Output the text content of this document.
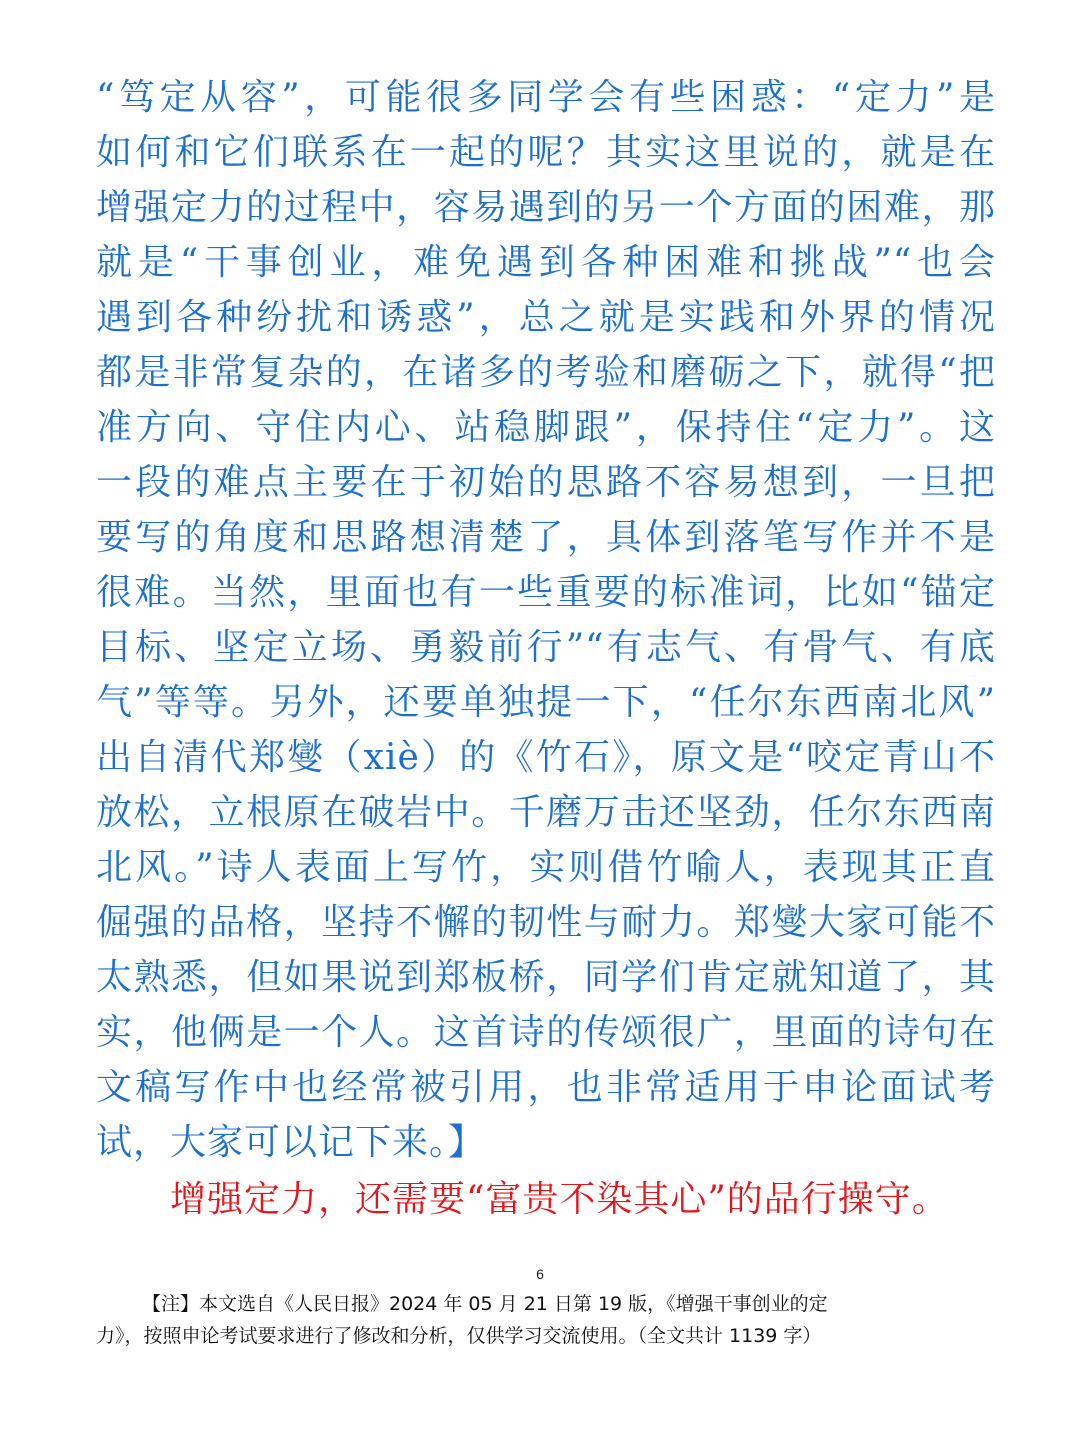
“笃定从容”，可能很多同学会有些困惑：“定力”是
如何和它们联系在一起的呢？其实这里说的，就是在
增强定力的过程中，容易遇到的另一个方面的困难，那
就是“干事创业，难免遇到各种困难和挑战”“也会
遇到各种纷扰和诱惑”，总之就是实践和外界的情况
都是非常复杂的，在诸多的考验和磨砺之下，就得“把
准方向、守住内心、站稳脚跟”，保持住“定力”。这
一段的难点主要在于初始的思路不容易想到，一旦把
要写的角度和思路想清楚了，具体到落笔写作并不是
很难。当然，里面也有一些重要的标准词，比如“锚定
目标、坚定立场、勇毅前行”“有志气、有骨气、有底
气”等等。另外，还要单独提一下，“任尔东西南北风”
出自清代郑燮（xiè）的《竹石》，原文是“咬定青山不
放松，立根原在破岩中。千磨万击还坚劲，任尔东西南
北风。”诗人表面上写竹，实则借竹喻人，表现其正直
倔强的品格，坚持不懈的韧性与耐力。郑燮大家可能不
太熟悉，但如果说到郑板桥，同学们肯定就知道了，其
实，他俩是一个人。这首诗的传颂很广，里面的诗句在
文稿写作中也经常被引用，也非常适用于申论面试考
试，大家可以记下来。】
增强定力，还需要“富贵不染其心”的品行操守。
6
【注】本文选自《人民日报》2024 年 05 月 21 日第 19 版，《增强干事创业的定
力》，按照申论考试要求进行了修改和分析，仅供学习交流使用。（全文共计 1139 字）
